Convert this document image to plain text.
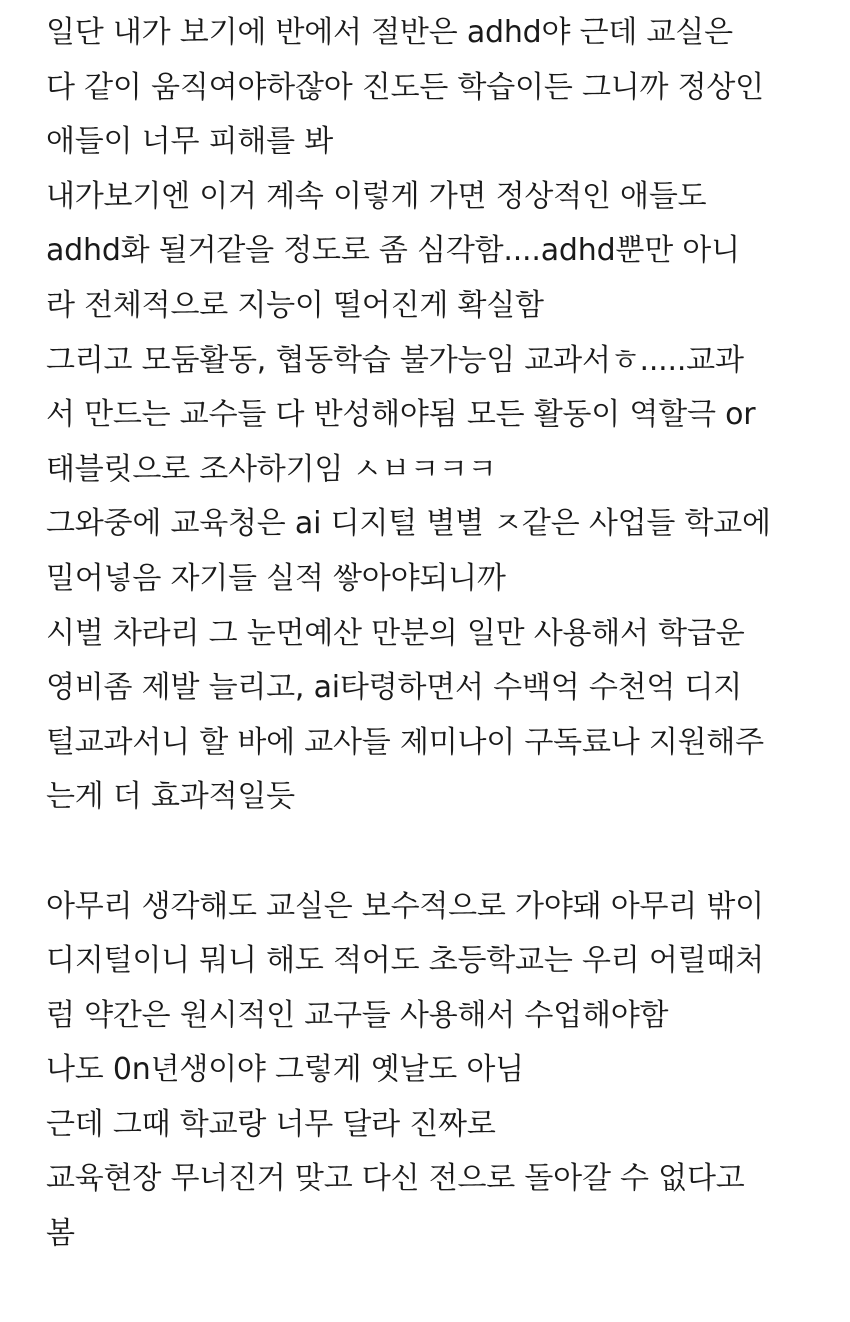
일단 내가 보기에 반에서 절반은 adhd야 근데 교실은

다 같이 움직여야하잖아 진도든 학습이든 그니까 정상인

애들이 너무 피해를 봐

내가보기엔 이거 계속 이렇게 가면 정상적인 애들도

adhd화 될거같을 정도로 좀 심각함....adhd뿐만 아니

라 전체적으로 지능이 떨어진게 확실함

그리고 모둠활동, 협동학습 불가능임 교과서ㅎ.....교과

서 만드는 교수들 다 반성해야됨 모든 활동이 역할극 or

태블릿으로 조사하기임 ㅅㅂㅋㅋㅋ

그와중에 교육청은 ai 디지털 별별 ㅈ같은 사업들 학교에

밀어넣음 자기들 실적 쌓아야되니까

시벌 차라리 그 눈먼예산 만분의 일만 사용해서 학급운

영비좀 제발 늘리고, ai타령하면서 수백억 수천억 디지

털교과서니 할 바에 교사들 제미나이 구독료나 지원해주

는게 더 효과적일듯

아무리 생각해도 교실은 보수적으로 가야돼 아무리 밖이

디지털이니 뭐니 해도 적어도 초등학교는 우리 어릴때처

럼 약간은 원시적인 교구들 사용해서 수업해야함

나도 0n년생이야 그렇게 옛날도 아님

근데 그때 학교랑 너무 달라 진짜로

교육현장 무너진거 맞고 다신 전으로 돌아갈 수 없다고

봄
